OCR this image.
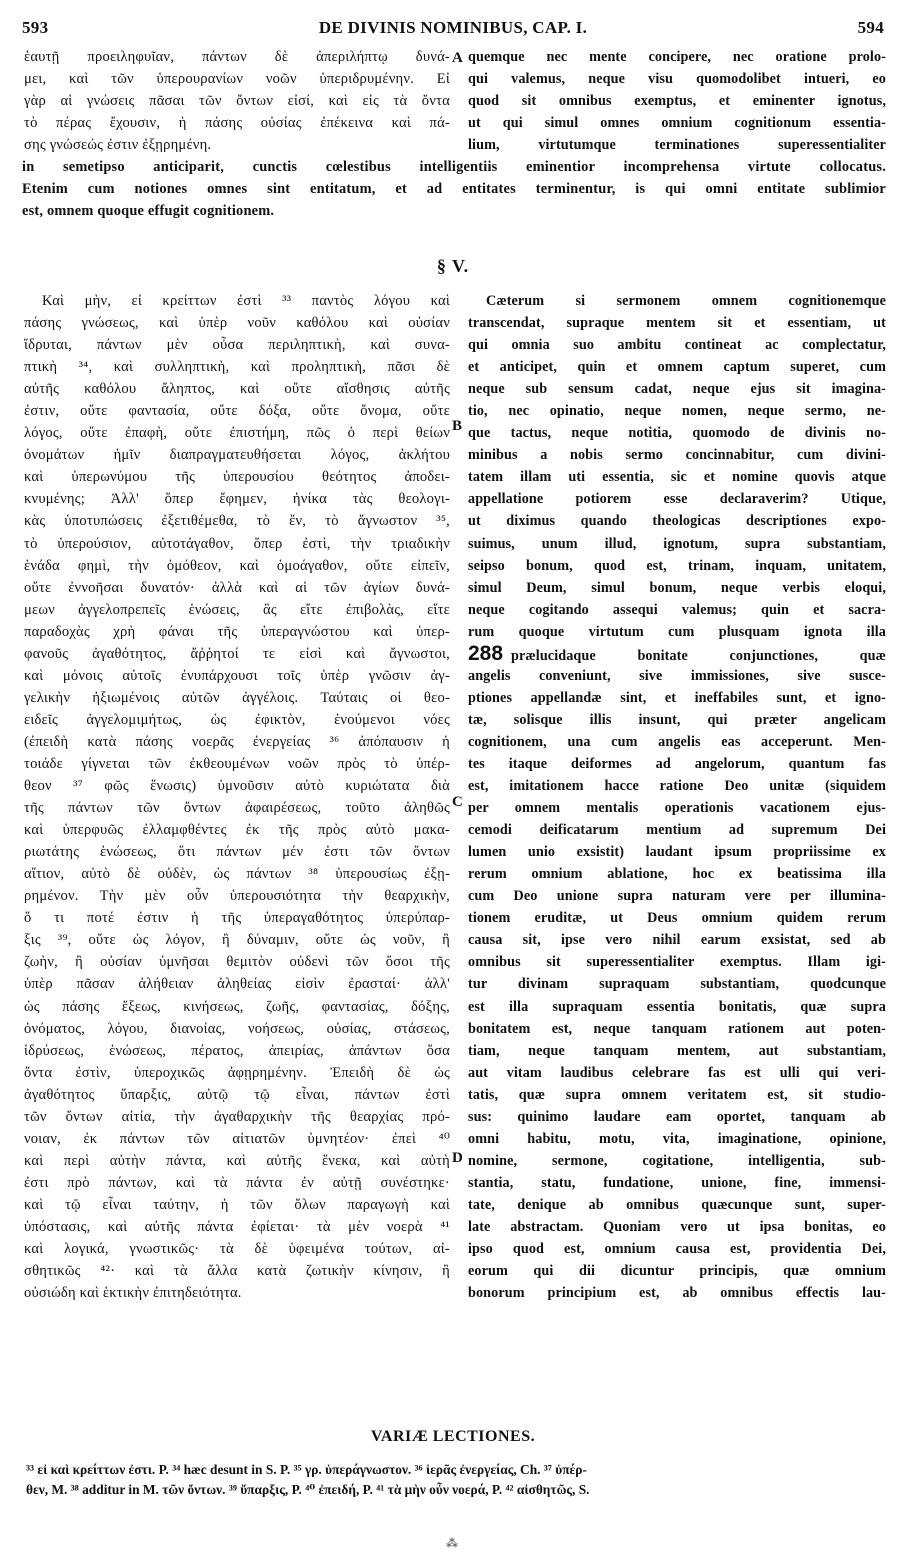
593	DE DIVINIS NOMINIBUS, CAP. I.	594
ἑαυτῇ προειληφυῖαν, πάντων δὲ ἀπεριλήπτῳ δυνά-
μει, καὶ τῶν ὑπερουρανίων νοῶν ὑπεριδρυμένην. Εἰ
γὰρ αἱ γνώσεις πᾶσαι τῶν ὄντων εἰσί, καὶ εἰς τὰ ὄντα
τὸ πέρας ἔχουσιν, ἡ πάσης οὐσίας ἐπέκεινα καὶ πά-
σης γνώσεώς ἐστιν ἐξῃρημένη.
A quemque nec mente concipere, nec oratione prolo-
qui valemus, neque visu quomodolibet intueri, eo
quod sit omnibus exemptus, et eminenter ignotus,
ut qui simul omnes omnium cognitionum essentia-
lium, virtutumque terminationes superessentialiter
in semetipso anticiparit, cunctis cœlestibus intelligentiis eminentior incomprehensa virtute collocatus.
Etenim cum notiones omnes sint entitatum, et ad entitates terminentur, is qui omni entitate sublimior
est, omnem quoque effugit cognitionem.
§ V.
Καὶ μὴν, εἰ κρείττων ἐστὶ ³³ παντὸς λόγου καὶ
πάσης γνώσεως, καὶ ὑπὲρ νοῦν καθόλου καὶ οὐσίαν
ἵδρυται, πάντων μὲν οὖσα περιληπτικὴ, καὶ συνα-
πτικὴ ³⁴, καὶ συλληπτικὴ, καὶ προληπτικὴ, πᾶσι δὲ
αὐτῆς καθόλου ἄληπτος, καὶ οὔτε αἴσθησις αὐτῆς
ἐστιν, οὔτε φαντασία, οὔτε δόξα, οὔτε ὄνομα, οὔτε
λόγος, οὔτε ἐπαφὴ, οὔτε ἐπιστήμη, πῶς ὁ περὶ θείων
ὀνομάτων ἡμῖν διαπραγματευθήσεται λόγος, ἀκλήτου
καὶ ὑπερωνύμου τῆς ὑπερουσίου θεότητος ἀποδει-
κνυμένης; Ἀλλ' ὅπερ ἔφημεν, ἡνίκα τὰς θεολογι-
κὰς ὑποτυπώσεις ἐξετιθέμεθα, τὸ ἕν, τὸ ἄγνωστον ³⁵,
τὸ ὑπερούσιον, αὐτοτἀγαθον, ὅπερ ἐστὶ, τὴν τριαδικὴν
ἑνάδα φημὶ, τὴν ὁμόθεον, καὶ ὁμοάγαθον, οὔτε εἰπεῖν,
οὔτε ἐννοῆσαι δυνατόν· ἀλλὰ καὶ αἱ τῶν ἁγίων δυνά-
μεων ἀγγελοπρεπεῖς ἑνώσεις, ἃς εἴτε ἐπιβολὰς, εἴτε
παραδοχὰς χρὴ φάναι τῆς ὑπεραγνώστου καὶ ὑπερ-
φανοῦς ἀγαθότητος, ἄῤῥητοί τε εἰσὶ καὶ ἄγνωστοι,
καὶ μόνοις αὐτοῖς ἐνυπάρχουσι τοῖς ὑπὲρ γνῶσιν ἀγ-
γελικὴν ἠξιωμένοις αὐτῶν ἀγγέλοις. Ταύταις οἱ θεο-
ειδεῖς ἀγγελομιμήτως, ὡς ἐφικτὸν, ἑνούμενοι νόες
(ἐπειδὴ κατὰ πάσης νοερᾶς ἐνεργείας ³⁶ ἀπόπαυσιν ἡ
τοιάδε γίγνεται τῶν ἐκθεουμένων νοῶν πρὸς τὸ ὑπέρ-
θεον ³⁷ φῶς ἕνωσις) ὑμνοῦσιν αὐτὸ κυριώτατα διὰ
τῆς πάντων τῶν ὄντων ἀφαιρέσεως, τοῦτο ἀληθῶς
καὶ ὑπερφυῶς ἐλλαμφθέντες ἐκ τῆς πρὸς αὐτὸ μακα-
ριωτάτης ἑνώσεως, ὅτι πάντων μέν ἐστι τῶν ὄντων
αἴτιον, αὐτὸ δὲ οὐδὲν, ὡς πάντων ³⁸ ὑπερουσίως ἐξῃ-
ρημένον. Τὴν μὲν οὖν ὑπερουσιότητα τὴν θεαρχικὴν,
ὅ τι ποτέ ἐστιν ἡ τῆς ὑπεραγαθότητος ὑπερύπαρ-
ξις ³⁹, οὔτε ὡς λόγον, ἢ δύναμιν, οὔτε ὡς νοῦν, ἢ
ζωὴν, ἢ οὐσίαν ὑμνῆσαι θεμιτὸν οὐδενὶ τῶν ὅσοι τῆς
ὑπὲρ πᾶσαν ἀλήθειαν ἀληθείας εἰσὶν ἐρασταί· ἀλλ'
ὡς πάσης ἕξεως, κινήσεως, ζωῆς, φαντασίας, δόξης,
ὀνόματος, λόγου, διανοίας, νοήσεως, οὐσίας, στάσεως,
ἱδρύσεως, ἑνώσεως, πέρατος, ἀπειρίας, ἁπάντων ὅσα
ὄντα ἐστὶν, ὑπεροχικῶς ἀφῃρημένην. Ἐπειδὴ δὲ ὡς
ἀγαθότητος ὕπαρξις, αὐτῷ τῷ εἶναι, πάντων ἐστὶ
τῶν ὄντων αἰτία, τὴν ἀγαθαρχικὴν τῆς θεαρχίας πρό-
νοιαν, ἐκ πάντων τῶν αἰτιατῶν ὑμνητέον· ἐπεὶ ⁴⁰
καὶ περὶ αὐτὴν πάντα, καὶ αὐτῆς ἕνεκα, καὶ αὐτὴ
ἐστι πρὸ πάντων, καὶ τὰ πάντα ἐν αὐτῇ συνέστηκε·
καὶ τῷ εἶναι ταύτην, ἡ τῶν ὅλων παραγωγὴ καὶ
ὑπόστασις, καὶ αὐτῆς πάντα ἐφίεται· τὰ μὲν νοερὰ ⁴¹
καὶ λογικά, γνωστικῶς· τὰ δὲ ὑφειμένα τούτων, αἰ-
σθητικῶς ⁴²· καὶ τὰ ἄλλα κατὰ ζωτικὴν κίνησιν, ἢ
οὐσιώδη καὶ ἑκτικὴν ἐπιτηδειότητα.
Cæterum si sermonem omnem cognitionemque
transcendat, supraque mentem sit et essentiam, ut
qui omnia suo ambitu contineat ac complectatur,
et anticipet, quin et omnem captum superet, cum
neque sub sensum cadat, neque ejus sit imagina-
tio, nec opinatio, neque nomen, neque sermo, ne-
que tactus, neque notitia, quomodo de divinis no-
minibus a nobis sermo concinnabitur, cum divini-
tatem illam uti essentia, sic et nomine quovis atque
appellatione potiorem esse declaraverim? Utique,
ut diximus quando theologicas descriptiones expo-
suimus, unum illud, ignotum, supra substantiam,
seipso bonum, quod est, trinam, inquam, unitatem,
simul Deum, simul bonum, neque verbis eloqui,
neque cogitando assequi valemus; quin et sacra-
rum quoque virtutum cum plusquam ignota illa
288 prælucidaque bonitate conjunctiones, quæ
angelis conveniunt, sive immissiones, sive susce-
ptiones appellandæ sint, et ineffabiles sunt, et igno-
tæ, solisque illis insunt, qui præter angelicam
cognitionem, una cum angelis eas acceperunt. Men-
tes itaque deiformes ad angelorum, quantum fas
est, imitationem hacce ratione Deo unitæ (siquidem
per omnem mentalis operationis vacationem ejus-
cemodi deificatarum mentium ad supremum Dei
lumen unio exsistit) laudant ipsum propriissime ex
rerum omnium ablatione, hoc ex beatissima illa
cum Deo unione supra naturam vere per illumina-
tionem eruditæ, ut Deus omnium quidem rerum
causa sit, ipse vero nihil earum exsistat, sed ab
omnibus sit superessentialiter exemptus. Illam igi-
tur divinam supraquam substantiam, quodcunque
est illa supraquam essentia bonitatis, quæ supra
bonitatem est, neque tanquam rationem aut poten-
tiam, neque tanquam mentem, aut substantiam,
aut vitam laudibus celebrare fas est ulli qui veri-
tatis, quæ supra omnem veritatem est, sit studio-
sus: quinimo laudare eam oportet, tanquam ab
omni habitu, motu, vita, imaginatione, opinione,
nomine, sermone, cogitatione, intelligentia, sub-
stantia, statu, fundatione, unione, fine, immensi-
tate, denique ab omnibus quæcunque sunt, super-
late abstractam. Quoniam vero ut ipsa bonitas, eo
ipso quod est, omnium causa est, providentia Dei,
eorum qui dii dicuntur principis, quæ omnium
bonorum principium est, ab omnibus effectis lau-
B
C
D
VARIÆ LECTIONES.
³³ εἰ καὶ κρείττων ἐστι. P. ³⁴ hæc desunt in S. P. ³⁵ γρ. ὑπεράγνωστον. ³⁶ ἱερᾶς ἐνεργείας, Ch. ³⁷ ὑπέρ-
θεν, M. ³⁸ additur in M. τῶν ὄντων. ³⁹ ὕπαρξις, P. ⁴⁰ ἐπειδή, P. ⁴¹ τὰ μὴν οὖν νοερά, P. ⁴² αἰσθητῶς, S.
⁂
